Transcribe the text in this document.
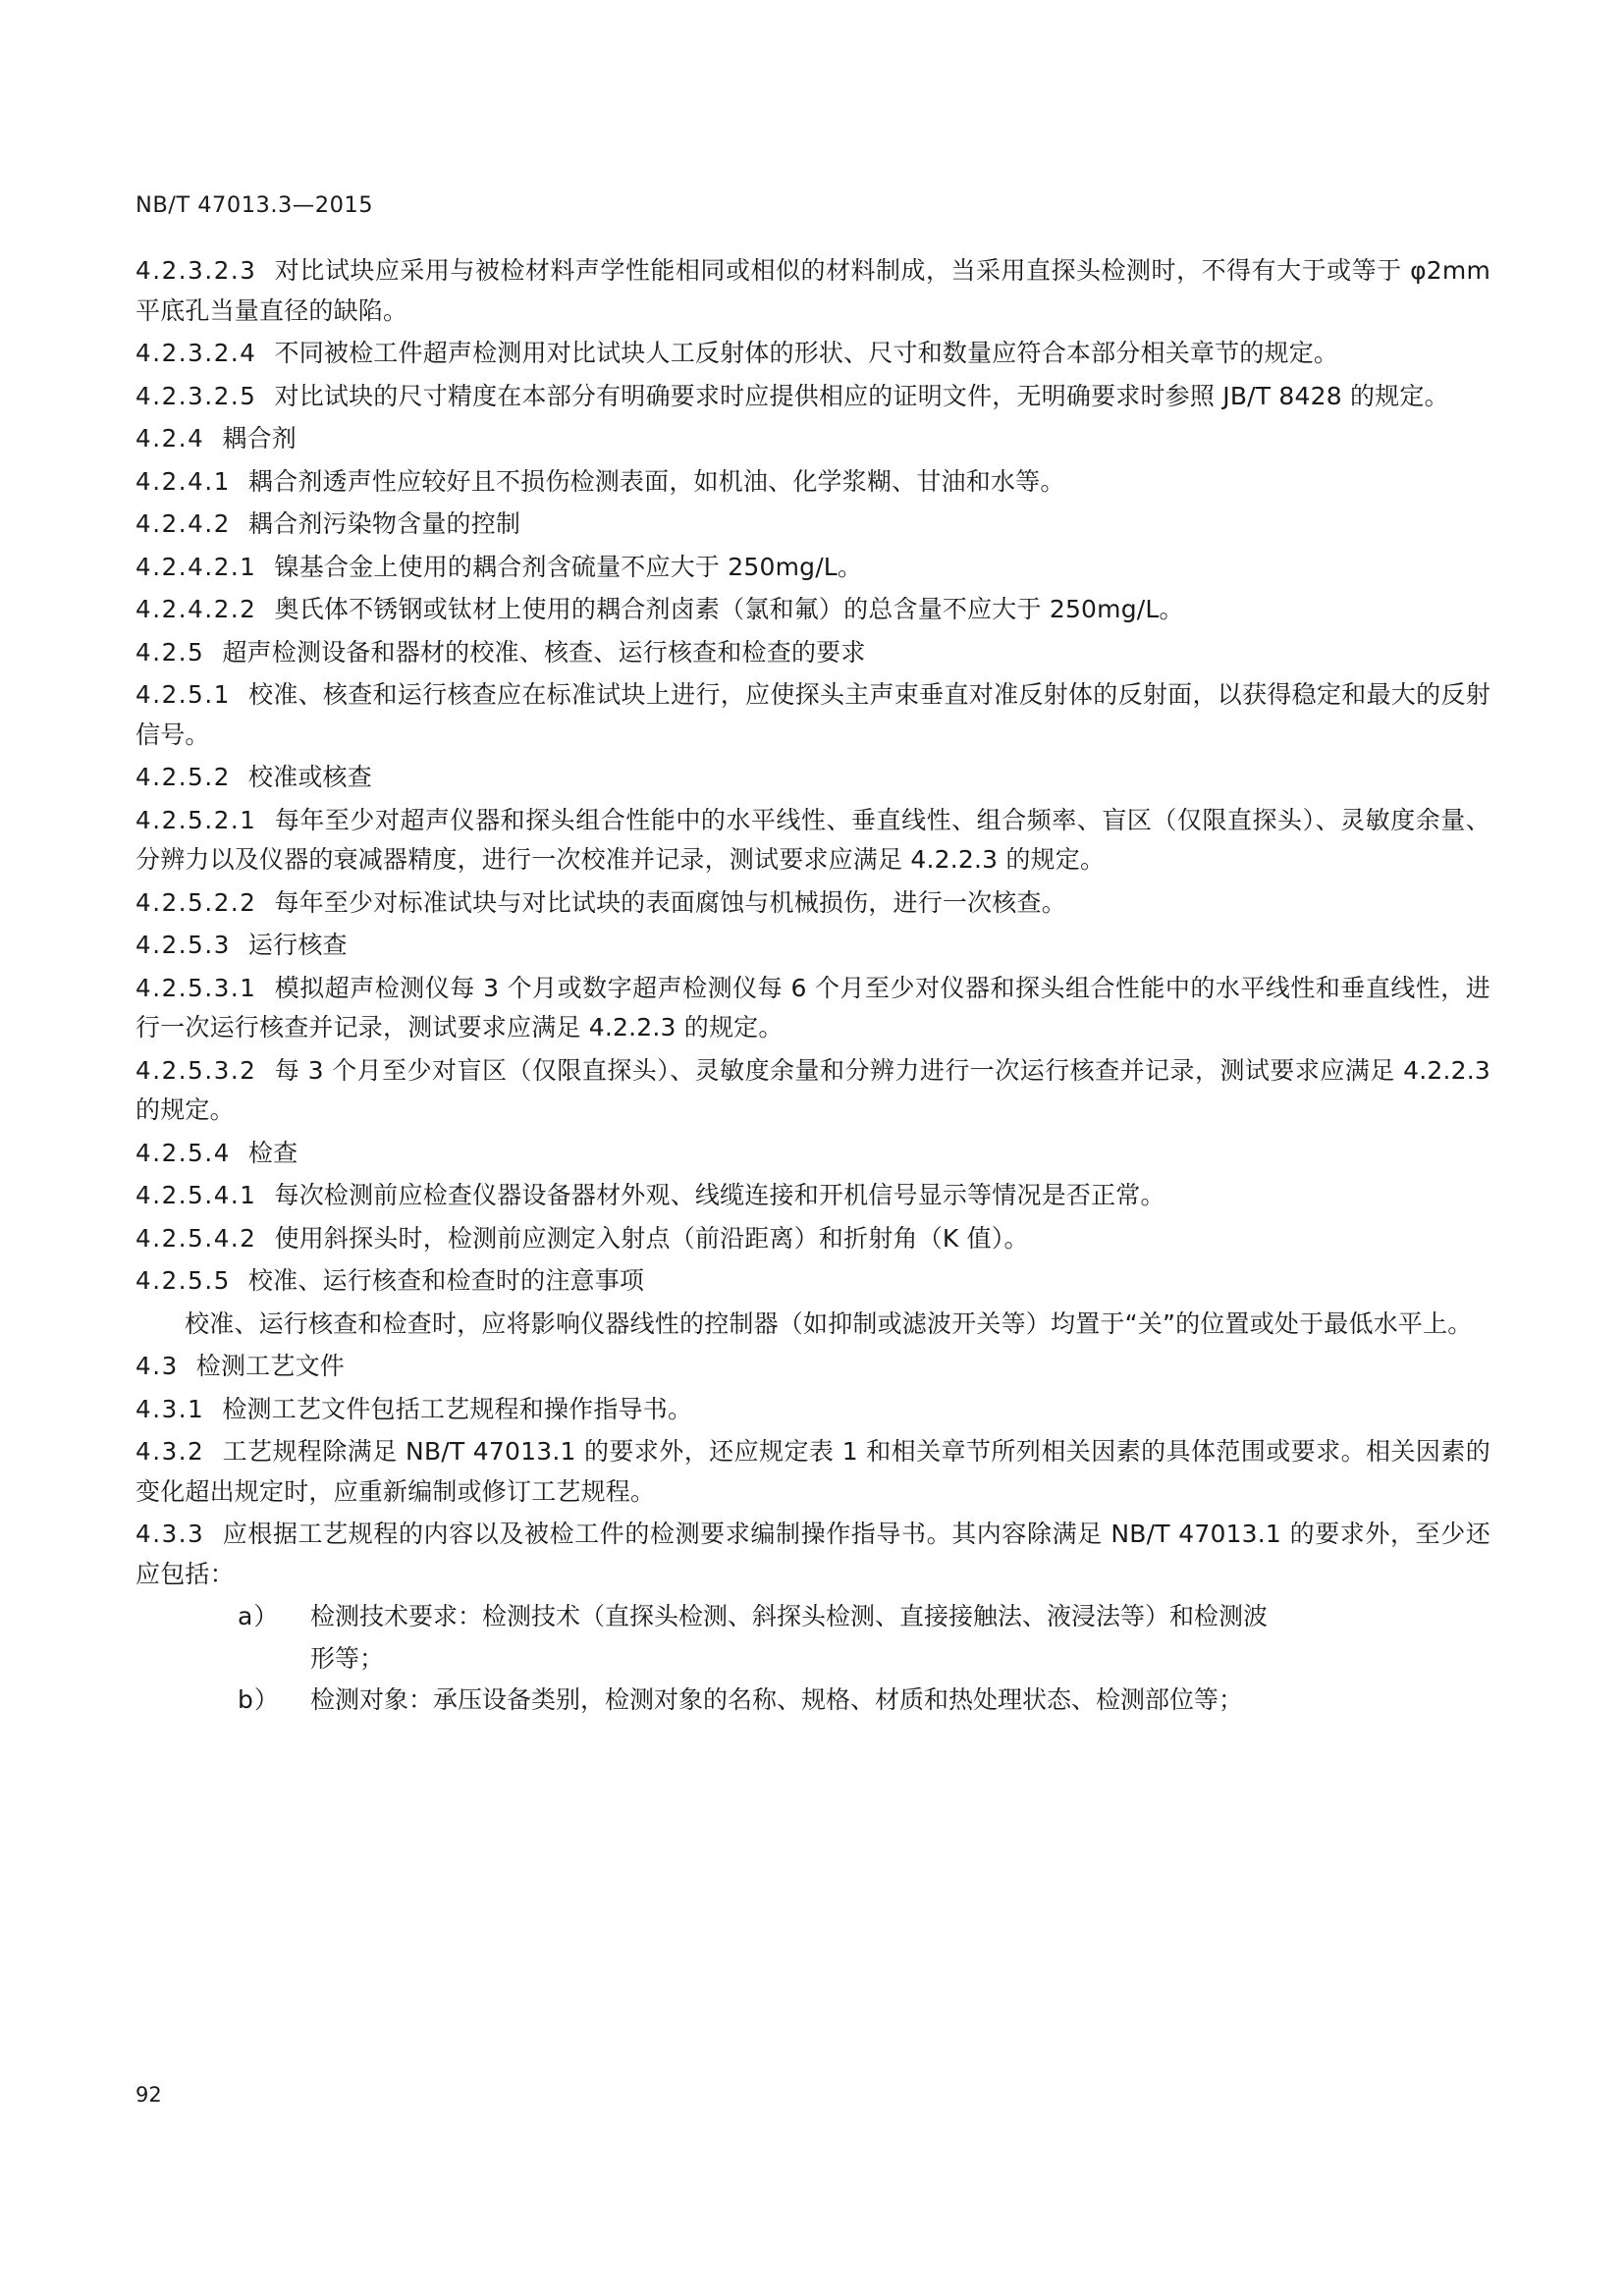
NB/T 47013.3—2015

4.2.3.2.3 对比试块应采用与被检材料声学性能相同或相似的材料制成，当采用直探头检测时，不得有大于或等于 φ2mm 平底孔当量直径的缺陷。

4.2.3.2.4 不同被检工件超声检测用对比试块人工反射体的形状、尺寸和数量应符合本部分相关章节的规定。

4.2.3.2.5 对比试块的尺寸精度在本部分有明确要求时应提供相应的证明文件，无明确要求时参照 JB/T 8428 的规定。

4.2.4 耦合剂

4.2.4.1 耦合剂透声性应较好且不损伤检测表面，如机油、化学浆糊、甘油和水等。

4.2.4.2 耦合剂污染物含量的控制

4.2.4.2.1 镍基合金上使用的耦合剂含硫量不应大于 250mg/L。

4.2.4.2.2 奥氏体不锈钢或钛材上使用的耦合剂卤素（氯和氟）的总含量不应大于 250mg/L。

4.2.5 超声检测设备和器材的校准、核查、运行核查和检查的要求

4.2.5.1 校准、核查和运行核查应在标准试块上进行，应使探头主声束垂直对准反射体的反射面，以获得稳定和最大的反射信号。

4.2.5.2 校准或核查

4.2.5.2.1 每年至少对超声仪器和探头组合性能中的水平线性、垂直线性、组合频率、盲区（仅限直探头）、灵敏度余量、分辨力以及仪器的衰减器精度，进行一次校准并记录，测试要求应满足 4.2.2.3 的规定。

4.2.5.2.2 每年至少对标准试块与对比试块的表面腐蚀与机械损伤，进行一次核查。

4.2.5.3 运行核查

4.2.5.3.1 模拟超声检测仪每 3 个月或数字超声检测仪每 6 个月至少对仪器和探头组合性能中的水平线性和垂直线性，进行一次运行核查并记录，测试要求应满足 4.2.2.3 的规定。

4.2.5.3.2 每 3 个月至少对盲区（仅限直探头）、灵敏度余量和分辨力进行一次运行核查并记录，测试要求应满足 4.2.2.3 的规定。

4.2.5.4 检查

4.2.5.4.1 每次检测前应检查仪器设备器材外观、线缆连接和开机信号显示等情况是否正常。

4.2.5.4.2 使用斜探头时，检测前应测定入射点（前沿距离）和折射角（K 值）。

4.2.5.5 校准、运行核查和检查时的注意事项

校准、运行核查和检查时，应将影响仪器线性的控制器（如抑制或滤波开关等）均置于“关”的位置或处于最低水平上。

4.3 检测工艺文件

4.3.1 检测工艺文件包括工艺规程和操作指导书。

4.3.2 工艺规程除满足 NB/T 47013.1 的要求外，还应规定表 1 和相关章节所列相关因素的具体范围或要求。相关因素的变化超出规定时，应重新编制或修订工艺规程。

4.3.3 应根据工艺规程的内容以及被检工件的检测要求编制操作指导书。其内容除满足 NB/T 47013.1 的要求外，至少还应包括：

a）	检测技术要求：检测技术（直探头检测、斜探头检测、直接接触法、液浸法等）和检测波

形等；

b）	检测对象：承压设备类别，检测对象的名称、规格、材质和热处理状态、检测部位等；

92
